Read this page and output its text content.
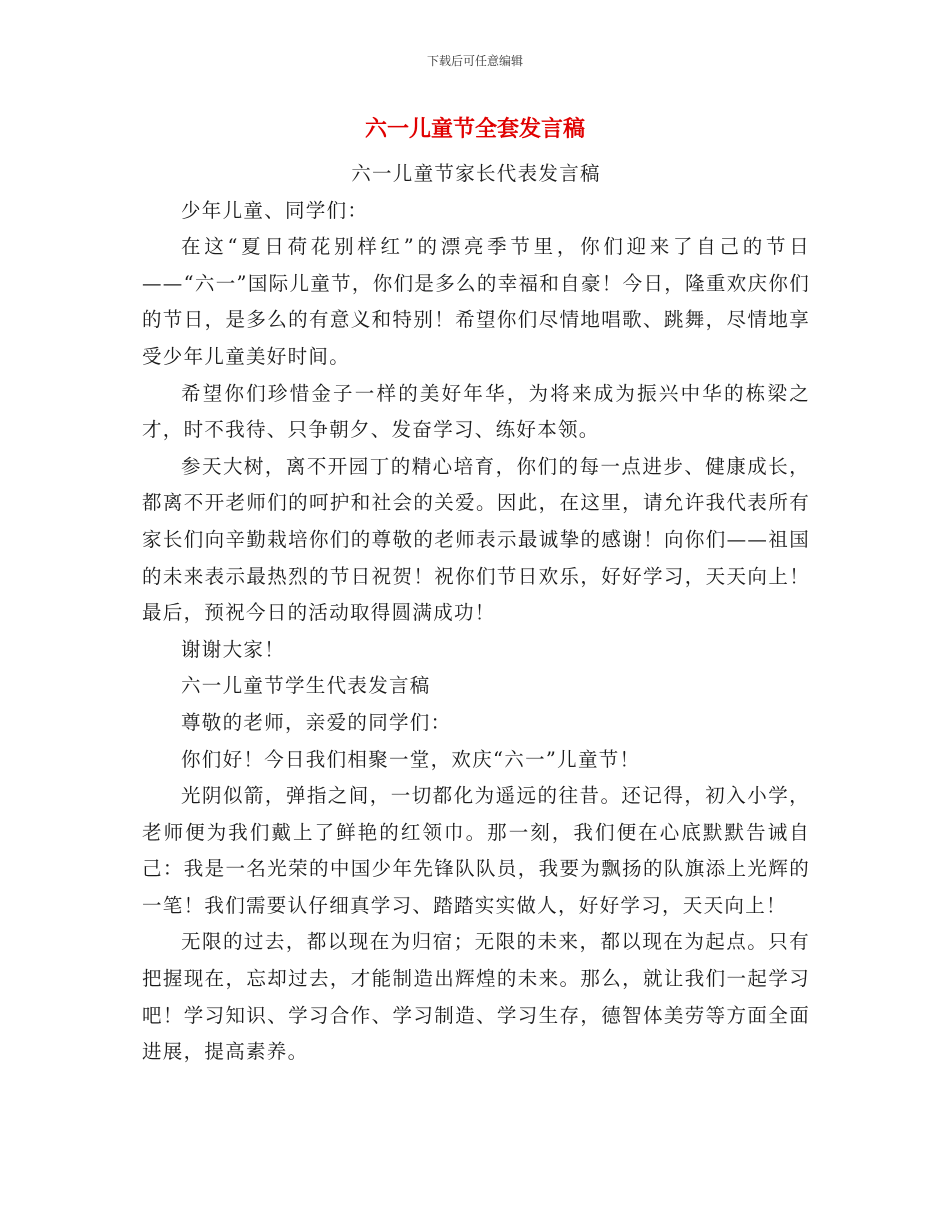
下载后可任意编辑
六一儿童节全套发言稿

六一儿童节家长代表发言稿

少年儿童、同学们：

在这“夏日荷花别样红”的漂亮季节里，你们迎来了自己的节日——“六一”国际儿童节，你们是多么的幸福和自豪！今日，隆重欢庆你们的节日，是多么的有意义和特别！希望你们尽情地唱歌、跳舞，尽情地享受少年儿童美好时间。

希望你们珍惜金子一样的美好年华，为将来成为振兴中华的栋梁之才，时不我待、只争朝夕、发奋学习、练好本领。

参天大树，离不开园丁的精心培育，你们的每一点进步、健康成长，都离不开老师们的呵护和社会的关爱。因此，在这里，请允许我代表所有家长们向辛勤栽培你们的尊敬的老师表示最诚挚的感谢！向你们——祖国的未来表示最热烈的节日祝贺！祝你们节日欢乐，好好学习，天天向上！最后，预祝今日的活动取得圆满成功！

谢谢大家！

六一儿童节学生代表发言稿

尊敬的老师，亲爱的同学们：

你们好！今日我们相聚一堂，欢庆“六一”儿童节！

光阴似箭，弹指之间，一切都化为遥远的往昔。还记得，初入小学，老师便为我们戴上了鲜艳的红领巾。那一刻，我们便在心底默默告诫自己：我是一名光荣的中国少年先锋队队员，我要为飘扬的队旗添上光辉的一笔！我们需要认仔细真学习、踏踏实实做人，好好学习，天天向上！

无限的过去，都以现在为归宿；无限的未来，都以现在为起点。只有把握现在，忘却过去，才能制造出辉煌的未来。那么，就让我们一起学习吧！学习知识、学习合作、学习制造、学习生存，德智体美劳等方面全面进展，提高素养。
